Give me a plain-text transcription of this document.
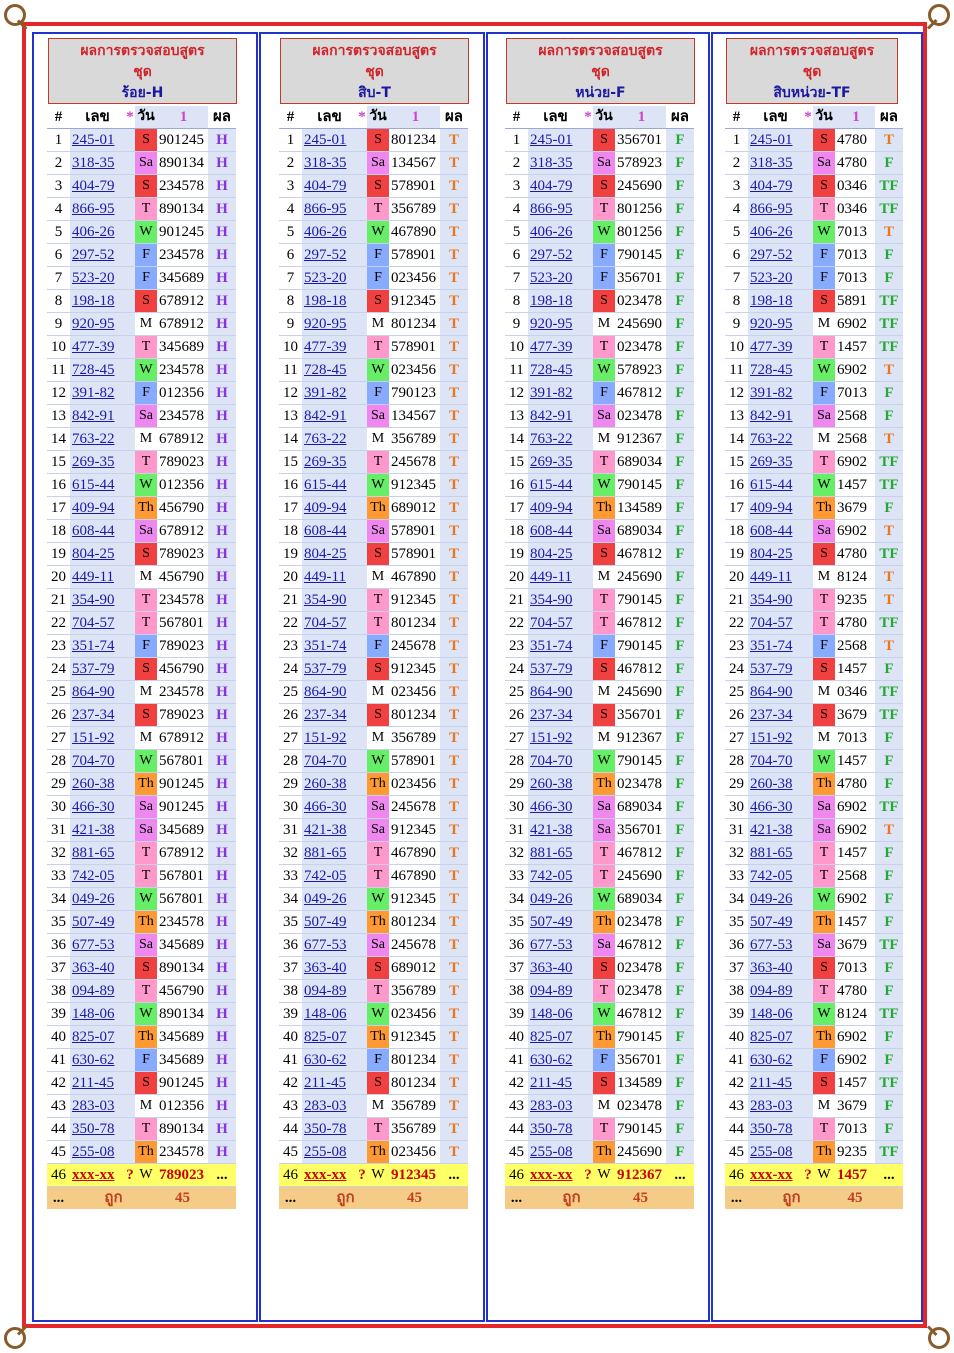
ผลการตรวจสอบสูตร
ชุด
ร้อย-H
#	เลข	*	วัน	1	ผล
1	245-01		S	901245	H
2	318-35		Sa	890134	H
3	404-79		S	234578	H
4	866-95		T	890134	H
5	406-26		W	901245	H
6	297-52		F	234578	H
7	523-20		F	345689	H
8	198-18		S	678912	H
9	920-95		M	678912	H
10	477-39		T	345689	H
11	728-45		W	234578	H
12	391-82		F	012356	H
13	842-91		Sa	234578	H
14	763-22		M	678912	H
15	269-35		T	789023	H
16	615-44		W	012356	H
17	409-94		Th	456790	H
18	608-44		Sa	678912	H
19	804-25		S	789023	H
20	449-11		M	456790	H
21	354-90		T	234578	H
22	704-57		T	567801	H
23	351-74		F	789023	H
24	537-79		S	456790	H
25	864-90		M	234578	H
26	237-34		S	789023	H
27	151-92		M	678912	H
28	704-70		W	567801	H
29	260-38		Th	901245	H
30	466-30		Sa	901245	H
31	421-38		Sa	345689	H
32	881-65		T	678912	H
33	742-05		T	567801	H
34	049-26		W	567801	H
35	507-49		Th	234578	H
36	677-53		Sa	345689	H
37	363-40		S	890134	H
38	094-89		T	456790	H
39	148-06		W	890134	H
40	825-07		Th	345689	H
41	630-62		F	345689	H
42	211-45		S	901245	H
43	283-03		M	012356	H
44	350-78		T	890134	H
45	255-08		Th	234578	H
46	xxx-xx	?	W	789023	...
...	ถูก			45	
ผลการตรวจสอบสูตร
ชุด
สิบ-T
#	เลข	*	วัน	1	ผล
1	245-01		S	801234	T
2	318-35		Sa	134567	T
3	404-79		S	578901	T
4	866-95		T	356789	T
5	406-26		W	467890	T
6	297-52		F	578901	T
7	523-20		F	023456	T
8	198-18		S	912345	T
9	920-95		M	801234	T
10	477-39		T	578901	T
11	728-45		W	023456	T
12	391-82		F	790123	T
13	842-91		Sa	134567	T
14	763-22		M	356789	T
15	269-35		T	245678	T
16	615-44		W	912345	T
17	409-94		Th	689012	T
18	608-44		Sa	578901	T
19	804-25		S	578901	T
20	449-11		M	467890	T
21	354-90		T	912345	T
22	704-57		T	801234	T
23	351-74		F	245678	T
24	537-79		S	912345	T
25	864-90		M	023456	T
26	237-34		S	801234	T
27	151-92		M	356789	T
28	704-70		W	578901	T
29	260-38		Th	023456	T
30	466-30		Sa	245678	T
31	421-38		Sa	912345	T
32	881-65		T	467890	T
33	742-05		T	467890	T
34	049-26		W	912345	T
35	507-49		Th	801234	T
36	677-53		Sa	245678	T
37	363-40		S	689012	T
38	094-89		T	356789	T
39	148-06		W	023456	T
40	825-07		Th	912345	T
41	630-62		F	801234	T
42	211-45		S	801234	T
43	283-03		M	356789	T
44	350-78		T	356789	T
45	255-08		Th	023456	T
46	xxx-xx	?	W	912345	...
...	ถูก			45	
ผลการตรวจสอบสูตร
ชุด
หน่วย-F
#	เลข	*	วัน	1	ผล
1	245-01		S	356701	F
2	318-35		Sa	578923	F
3	404-79		S	245690	F
4	866-95		T	801256	F
5	406-26		W	801256	F
6	297-52		F	790145	F
7	523-20		F	356701	F
8	198-18		S	023478	F
9	920-95		M	245690	F
10	477-39		T	023478	F
11	728-45		W	578923	F
12	391-82		F	467812	F
13	842-91		Sa	023478	F
14	763-22		M	912367	F
15	269-35		T	689034	F
16	615-44		W	790145	F
17	409-94		Th	134589	F
18	608-44		Sa	689034	F
19	804-25		S	467812	F
20	449-11		M	245690	F
21	354-90		T	790145	F
22	704-57		T	467812	F
23	351-74		F	790145	F
24	537-79		S	467812	F
25	864-90		M	245690	F
26	237-34		S	356701	F
27	151-92		M	912367	F
28	704-70		W	790145	F
29	260-38		Th	023478	F
30	466-30		Sa	689034	F
31	421-38		Sa	356701	F
32	881-65		T	467812	F
33	742-05		T	245690	F
34	049-26		W	689034	F
35	507-49		Th	023478	F
36	677-53		Sa	467812	F
37	363-40		S	023478	F
38	094-89		T	023478	F
39	148-06		W	467812	F
40	825-07		Th	790145	F
41	630-62		F	356701	F
42	211-45		S	134589	F
43	283-03		M	023478	F
44	350-78		T	790145	F
45	255-08		Th	245690	F
46	xxx-xx	?	W	912367	...
...	ถูก			45	
ผลการตรวจสอบสูตร
ชุด
สิบหน่วย-TF
#	เลข	*	วัน	1	ผล
1	245-01		S	4780	T
2	318-35		Sa	4780	F
3	404-79		S	0346	TF
4	866-95		T	0346	TF
5	406-26		W	7013	T
6	297-52		F	7013	F
7	523-20		F	7013	F
8	198-18		S	5891	TF
9	920-95		M	6902	TF
10	477-39		T	1457	TF
11	728-45		W	6902	T
12	391-82		F	7013	F
13	842-91		Sa	2568	F
14	763-22		M	2568	T
15	269-35		T	6902	TF
16	615-44		W	1457	TF
17	409-94		Th	3679	F
18	608-44		Sa	6902	T
19	804-25		S	4780	TF
20	449-11		M	8124	T
21	354-90		T	9235	T
22	704-57		T	4780	TF
23	351-74		F	2568	T
24	537-79		S	1457	F
25	864-90		M	0346	TF
26	237-34		S	3679	TF
27	151-92		M	7013	F
28	704-70		W	1457	F
29	260-38		Th	4780	F
30	466-30		Sa	6902	TF
31	421-38		Sa	6902	T
32	881-65		T	1457	F
33	742-05		T	2568	F
34	049-26		W	6902	F
35	507-49		Th	1457	F
36	677-53		Sa	3679	TF
37	363-40		S	7013	F
38	094-89		T	4780	F
39	148-06		W	8124	TF
40	825-07		Th	6902	F
41	630-62		F	6902	F
42	211-45		S	1457	TF
43	283-03		M	3679	F
44	350-78		T	7013	F
45	255-08		Th	9235	TF
46	xxx-xx	?	W	1457	...
...	ถูก			45	
